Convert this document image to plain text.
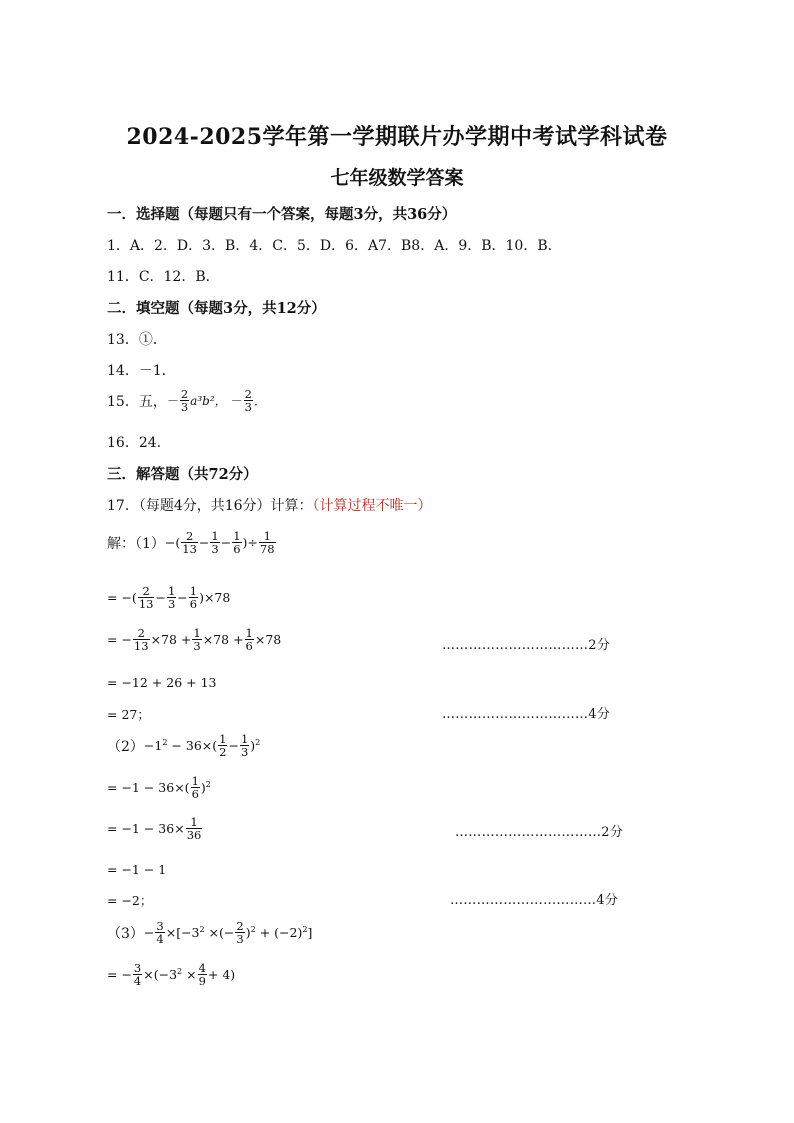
2024-2025学年第一学期联片办学期中考试学科试卷
七年级数学答案
一．选择题（每题只有一个答案，每题3分，共36分）
1．A．2．D．3．B．4．C．5．D．6．A7．B8．A．9．B．10．B．
11．C．12．B．
二．填空题（每题3分，共12分）
13．①．
14．－1．
15．五， － $\frac{2}{3} a^3b^2$， － $\frac{2}{3}$ ．
16．24．
三．解答题（共72分）
17．（每题4分，共16分）计算：（计算过程不唯一）
解：（1） −( $\frac{2}{13} - \frac{1}{3} - \frac{1}{6}$ )÷ $\frac{1}{78}$
= −( $\frac{2}{13} - \frac{1}{3} - \frac{1}{6} )\times 78$
= − $\frac{2}{13} \times 78 + \frac{1}{3} \times 78 + \frac{1}{6} \times 78$	……………………………2分
= −12 + 26 + 13
= 27；	……………………………4分
$(2) -1^2 - 36\times( \frac{1}{2} - \frac{1}{3} )^2$
= $-1 - 36\times( \frac{1}{6} )^2$
= $-1 - 36\times \frac{1}{36}$	……………………………2分
= −1 − 1
= −2；	……………………………4分
$(3) - \frac{3}{4} \times[-3^2$ ×(− $\frac{2}{3} )^2 + (-2)^2$]
= − $\frac{3}{4} \times(-3^2 \times \frac{4}{9} + 4)$
